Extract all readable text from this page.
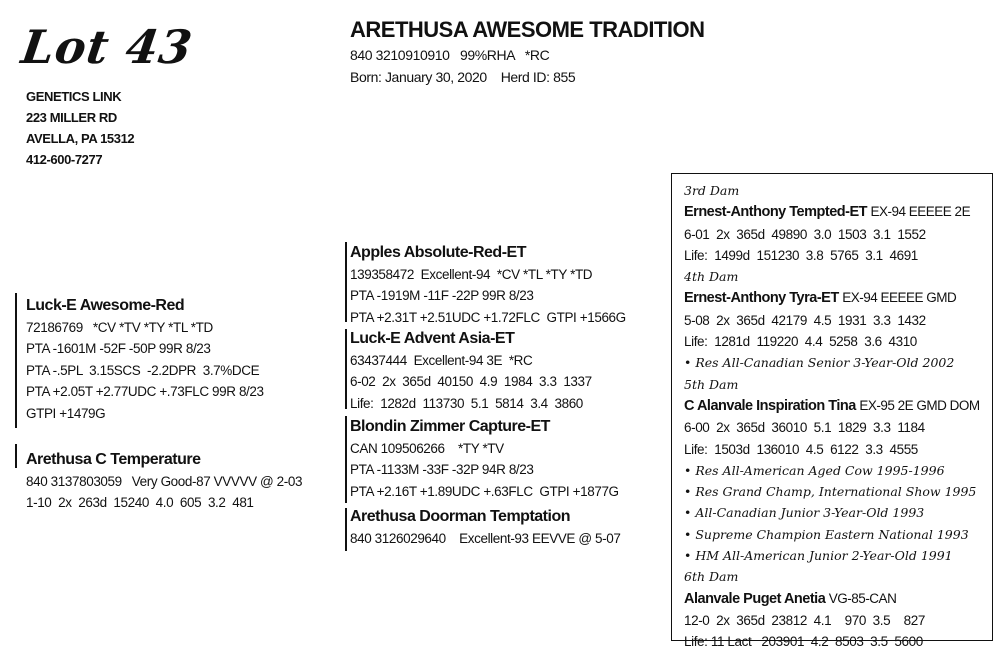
Lot 43
GENETICS LINK
223 MILLER RD
AVELLA, PA 15312
412-600-7277
ARETHUSA AWESOME TRADITION
840 3210910910   99%RHA   *RC
Born: January 30, 2020    Herd ID: 855
Luck-E Awesome-Red
72186769   *CV *TV *TY *TL *TD
PTA -1601M -52F -50P 99R 8/23
PTA -.5PL  3.15SCS  -2.2DPR  3.7%DCE
PTA +2.05T +2.77UDC +.73FLC 99R 8/23
GTPI +1479G
Arethusa C Temperature
840 3137803059   Very Good-87 VVVVV @ 2-03
1-10  2x  263d  15240  4.0  605  3.2  481
Apples Absolute-Red-ET
139358472  Excellent-94  *CV *TL *TY *TD
PTA -1919M -11F -22P 99R 8/23
PTA +2.31T +2.51UDC +1.72FLC  GTPI +1566G
Luck-E Advent Asia-ET
63437444  Excellent-94 3E  *RC
6-02  2x  365d  40150  4.9  1984  3.3  1337
Life:  1282d  113730  5.1  5814  3.4  3860
Blondin Zimmer Capture-ET
CAN 109506266    *TY *TV
PTA -1133M -33F -32P 94R 8/23
PTA +2.16T +1.89UDC +.63FLC  GTPI +1877G
Arethusa Doorman Temptation
840 3126029640    Excellent-93 EEVVE @ 5-07
3rd Dam
Ernest-Anthony Tempted-ET EX-94 EEEEE 2E
6-01  2x  365d  49890  3.0  1503  3.1  1552
Life:  1499d  151230  3.8  5765  3.1  4691
4th Dam
Ernest-Anthony Tyra-ET EX-94 EEEEE GMD
5-08  2x  365d  42179  4.5  1931  3.3  1432
Life:  1281d  119220  4.4  5258  3.6  4310
• Res All-Canadian Senior 3-Year-Old 2002
5th Dam
C Alanvale Inspiration Tina EX-95 2E GMD DOM
6-00  2x  365d  36010  5.1  1829  3.3  1184
Life:  1503d  136010  4.5  6122  3.3  4555
• Res All-American Aged Cow 1995-1996
• Res Grand Champ, International Show 1995
• All-Canadian Junior 3-Year-Old 1993
• Supreme Champion Eastern National 1993
• HM All-American Junior 2-Year-Old 1991
6th Dam
Alanvale Puget Anetia VG-85-CAN
12-0  2x  365d  23812  4.1    970  3.5    827
Life: 11 Lact   203901  4.2  8503  3.5  5600
